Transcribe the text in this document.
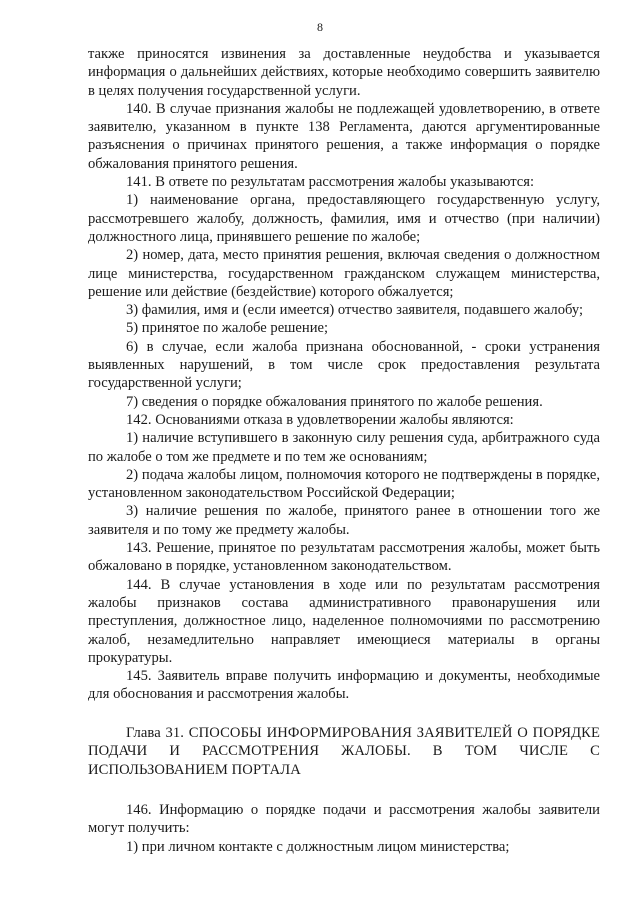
8

также приносятся извинения за доставленные неудобства и указывается информация о дальнейших действиях, которые необходимо совершить заявителю в целях получения государственной услуги.

140. В случае признания жалобы не подлежащей удовлетворению, в ответе заявителю, указанном в пункте 138 Регламента, даются аргументированные разъяснения о причинах принятого решения, а также информация о порядке обжалования принятого решения.

141. В ответе по результатам рассмотрения жалобы указываются:

1) наименование органа, предоставляющего государственную услугу, рассмотревшего жалобу, должность, фамилия, имя и отчество (при наличии) должностного лица, принявшего решение по жалобе;

2) номер, дата, место принятия решения, включая сведения о должностном лице министерства, государственном гражданском служащем министерства, решение или действие (бездействие) которого обжалуется;

3) фамилия, имя и (если имеется) отчество заявителя, подавшего жалобу;

5) принятое по жалобе решение;

6) в случае, если жалоба признана обоснованной, - сроки устранения выявленных нарушений, в том числе срок предоставления результата государственной услуги;

7) сведения о порядке обжалования принятого по жалобе решения.

142. Основаниями отказа в удовлетворении жалобы являются:

1) наличие вступившего в законную силу решения суда, арбитражного суда по жалобе о том же предмете и по тем же основаниям;

2) подача жалобы лицом, полномочия которого не подтверждены в порядке, установленном законодательством Российской Федерации;

3) наличие решения по жалобе, принятого ранее в отношении того же заявителя и по тому же предмету жалобы.

143. Решение, принятое по результатам рассмотрения жалобы, может быть обжаловано в порядке, установленном законодательством.

144. В случае установления в ходе или по результатам рассмотрения жалобы признаков состава административного правонарушения или преступления, должностное лицо, наделенное полномочиями по рассмотрению жалоб, незамедлительно направляет имеющиеся материалы в органы прокуратуры.

145. Заявитель вправе получить информацию и документы, необходимые для обоснования и рассмотрения жалобы.

Глава 31. СПОСОБЫ ИНФОРМИРОВАНИЯ ЗАЯВИТЕЛЕЙ О ПОРЯДКЕ ПОДАЧИ И РАССМОТРЕНИЯ ЖАЛОБЫ. В ТОМ ЧИСЛЕ С ИСПОЛЬЗОВАНИЕМ ПОРТАЛА

146. Информацию о порядке подачи и рассмотрения жалобы заявители могут получить:

1) при личном контакте с должностным лицом министерства;
